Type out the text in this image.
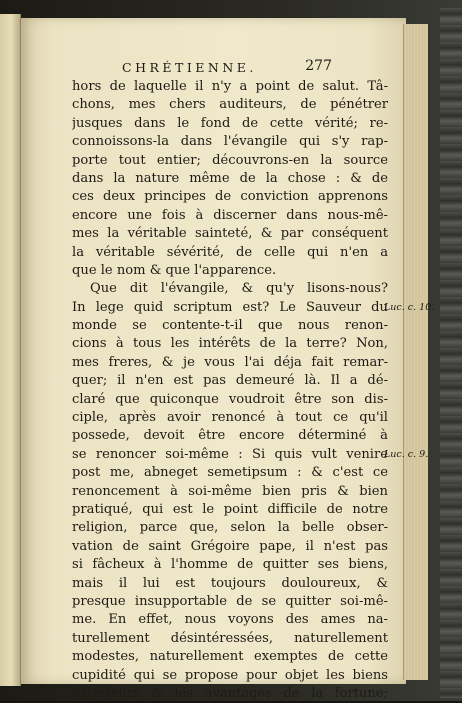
CHRÉTIENNE.	277
hors de laquelle il n'y a point de salut. Tâ-
chons, mes chers auditeurs, de pénétrer
jusques dans le fond de cette vérité; re-
connoissons-la dans l'évangile qui s'y rap-
porte tout entier; découvrons-en la source
dans la nature même de la chose : & de
ces deux principes de conviction apprenons
encore une fois à discerner dans nous-mê-
mes la véritable sainteté, & par conséquent
la véritable sévérité, de celle qui n'en a
que le nom & que l'apparence.
Que dit l'évangile, & qu'y lisons-nous?
In lege quid scriptum est? Le Sauveur du
monde se contente-t-il que nous renon-
cions à tous les intérêts de la terre? Non,
mes freres, & je vous l'ai déja fait remar-
quer; il n'en est pas demeuré là. Il a dé-
claré que quiconque voudroit être son dis-
ciple, après avoir renoncé à tout ce qu'il
possede, devoit être encore déterminé à
se renoncer soi-même : Si quis vult venire
post me, abneget semetipsum : & c'est ce
renoncement à soi-même bien pris & bien
pratiqué, qui est le point difficile de notre
religion, parce que, selon la belle obser-
vation de saint Grégoire pape, il n'est pas
si fâcheux à l'homme de quitter ses biens,
mais il lui est toujours douloureux, &
presque insupportable de se quitter soi-mê-
me. En effet, nous voyons des ames na-
turellement désintéressées, naturellement
modestes, naturellement exemptes de cette
cupidité qui se propose pour objet les biens
extérieurs & les avantages de la fortune;
Luc. c. 10.
Luc. c. 9.
